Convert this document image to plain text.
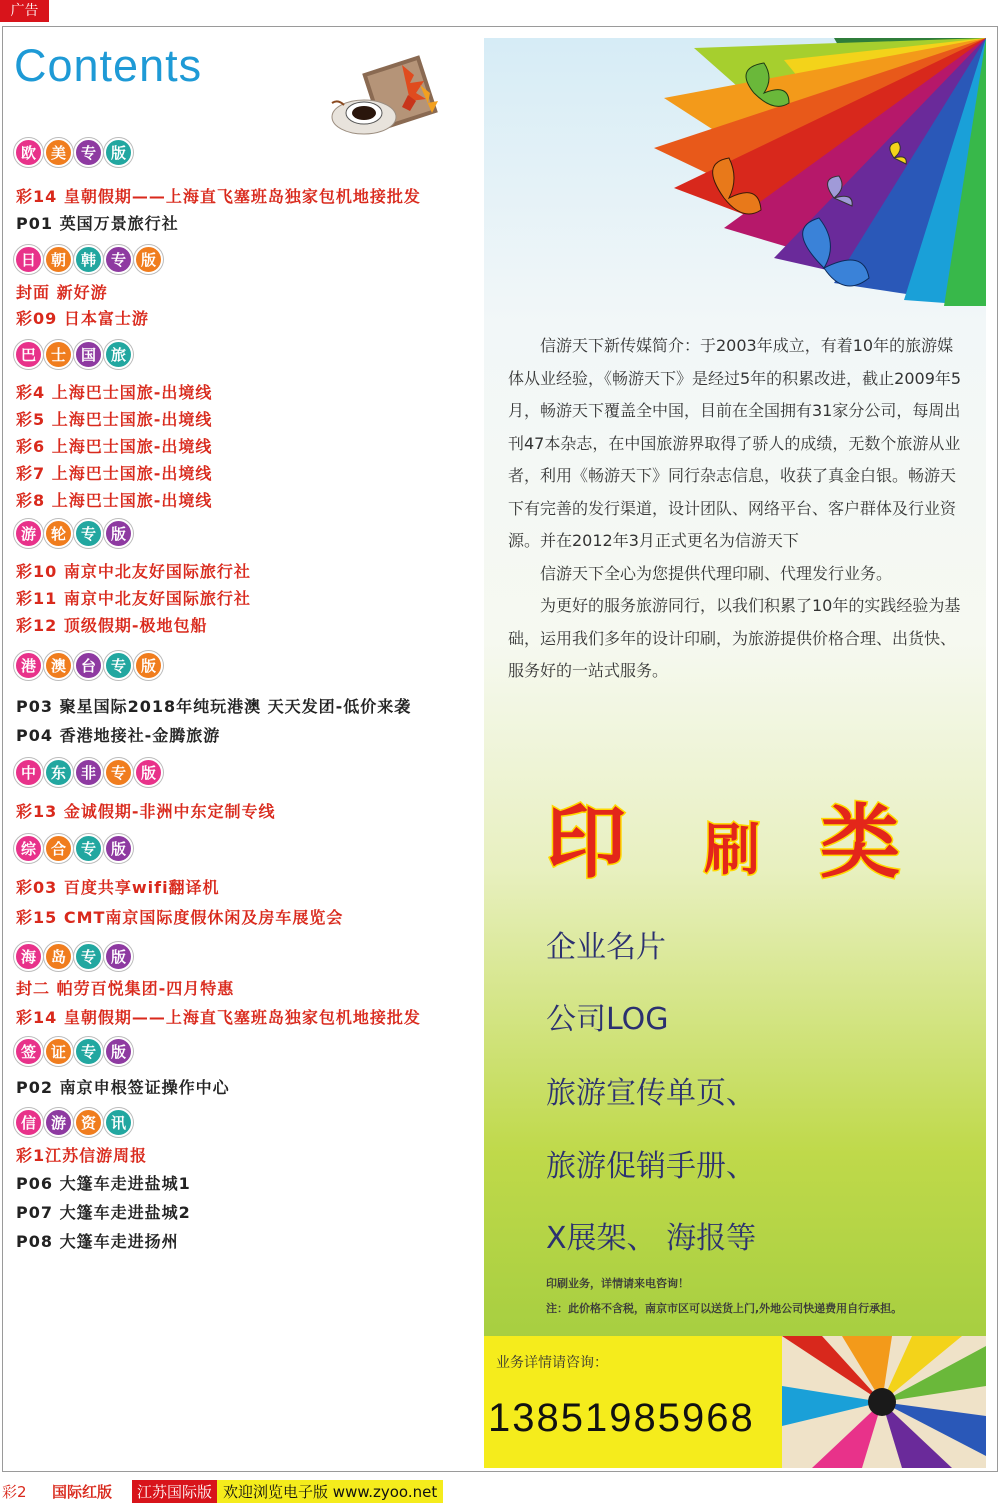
广告
Contents
欧 美 专 版
彩14 皇朝假期——上海直飞塞班岛独家包机地接批发
P01 英国万景旅行社
日 朝 韩 专 版
封面 新好游
彩09 日本富士游
巴 士 国 旅
彩4 上海巴士国旅-出境线
彩5 上海巴士国旅-出境线
彩6 上海巴士国旅-出境线
彩7 上海巴士国旅-出境线
彩8 上海巴士国旅-出境线
游 轮 专 版
彩10 南京中北友好国际旅行社
彩11 南京中北友好国际旅行社
彩12 顶级假期-极地包船
港 澳 台 专 版
P03 聚星国际2018年纯玩港澳 天天发团-低价来袭
P04 香港地接社-金腾旅游
中 东 非 专 版
彩13 金诚假期-非洲中东定制专线
综 合 专 版
彩03 百度共享wifi翻译机
彩15 CMT南京国际度假休闲及房车展览会
海 岛 专 版
封二 帕劳百悦集团-四月特惠
彩14 皇朝假期——上海直飞塞班岛独家包机地接批发
签 证 专 版
P02 南京申根签证操作中心
信 游 资 讯
彩1江苏信游周报
P06 大篷车走进盐城1
P07 大篷车走进盐城2
P08 大篷车走进扬州

信游天下新传媒简介：于2003年成立，有着10年的旅游媒体从业经验，《畅游天下》是经过5年的积累改进，截止2009年5月，畅游天下覆盖全中国，目前在全国拥有31家分公司，每周出刊47本杂志，在中国旅游界取得了骄人的成绩，无数个旅游从业者，利用《畅游天下》同行杂志信息，收获了真金白银。畅游天下有完善的发行渠道，设计团队、网络平台、客户群体及行业资源。并在2012年3月正式更名为信游天下

信游天下全心为您提供代理印刷、代理发行业务。

为更好的服务旅游同行，以我们积累了10年的实践经验为基础，运用我们多年的设计印刷，为旅游提供价格合理、出货快、服务好的一站式服务。

印 刷 类
企业名片
公司LOG
旅游宣传单页、
旅游促销手册、
X展架、 海报等
印刷业务，详情请来电咨询！
注：此价格不含税，南京市区可以送货上门,外地公司快递费用自行承担。
业务详情请咨询：
13851985968
彩2	国际红版	江苏国际版 欢迎浏览电子版 www.zyoo.net
